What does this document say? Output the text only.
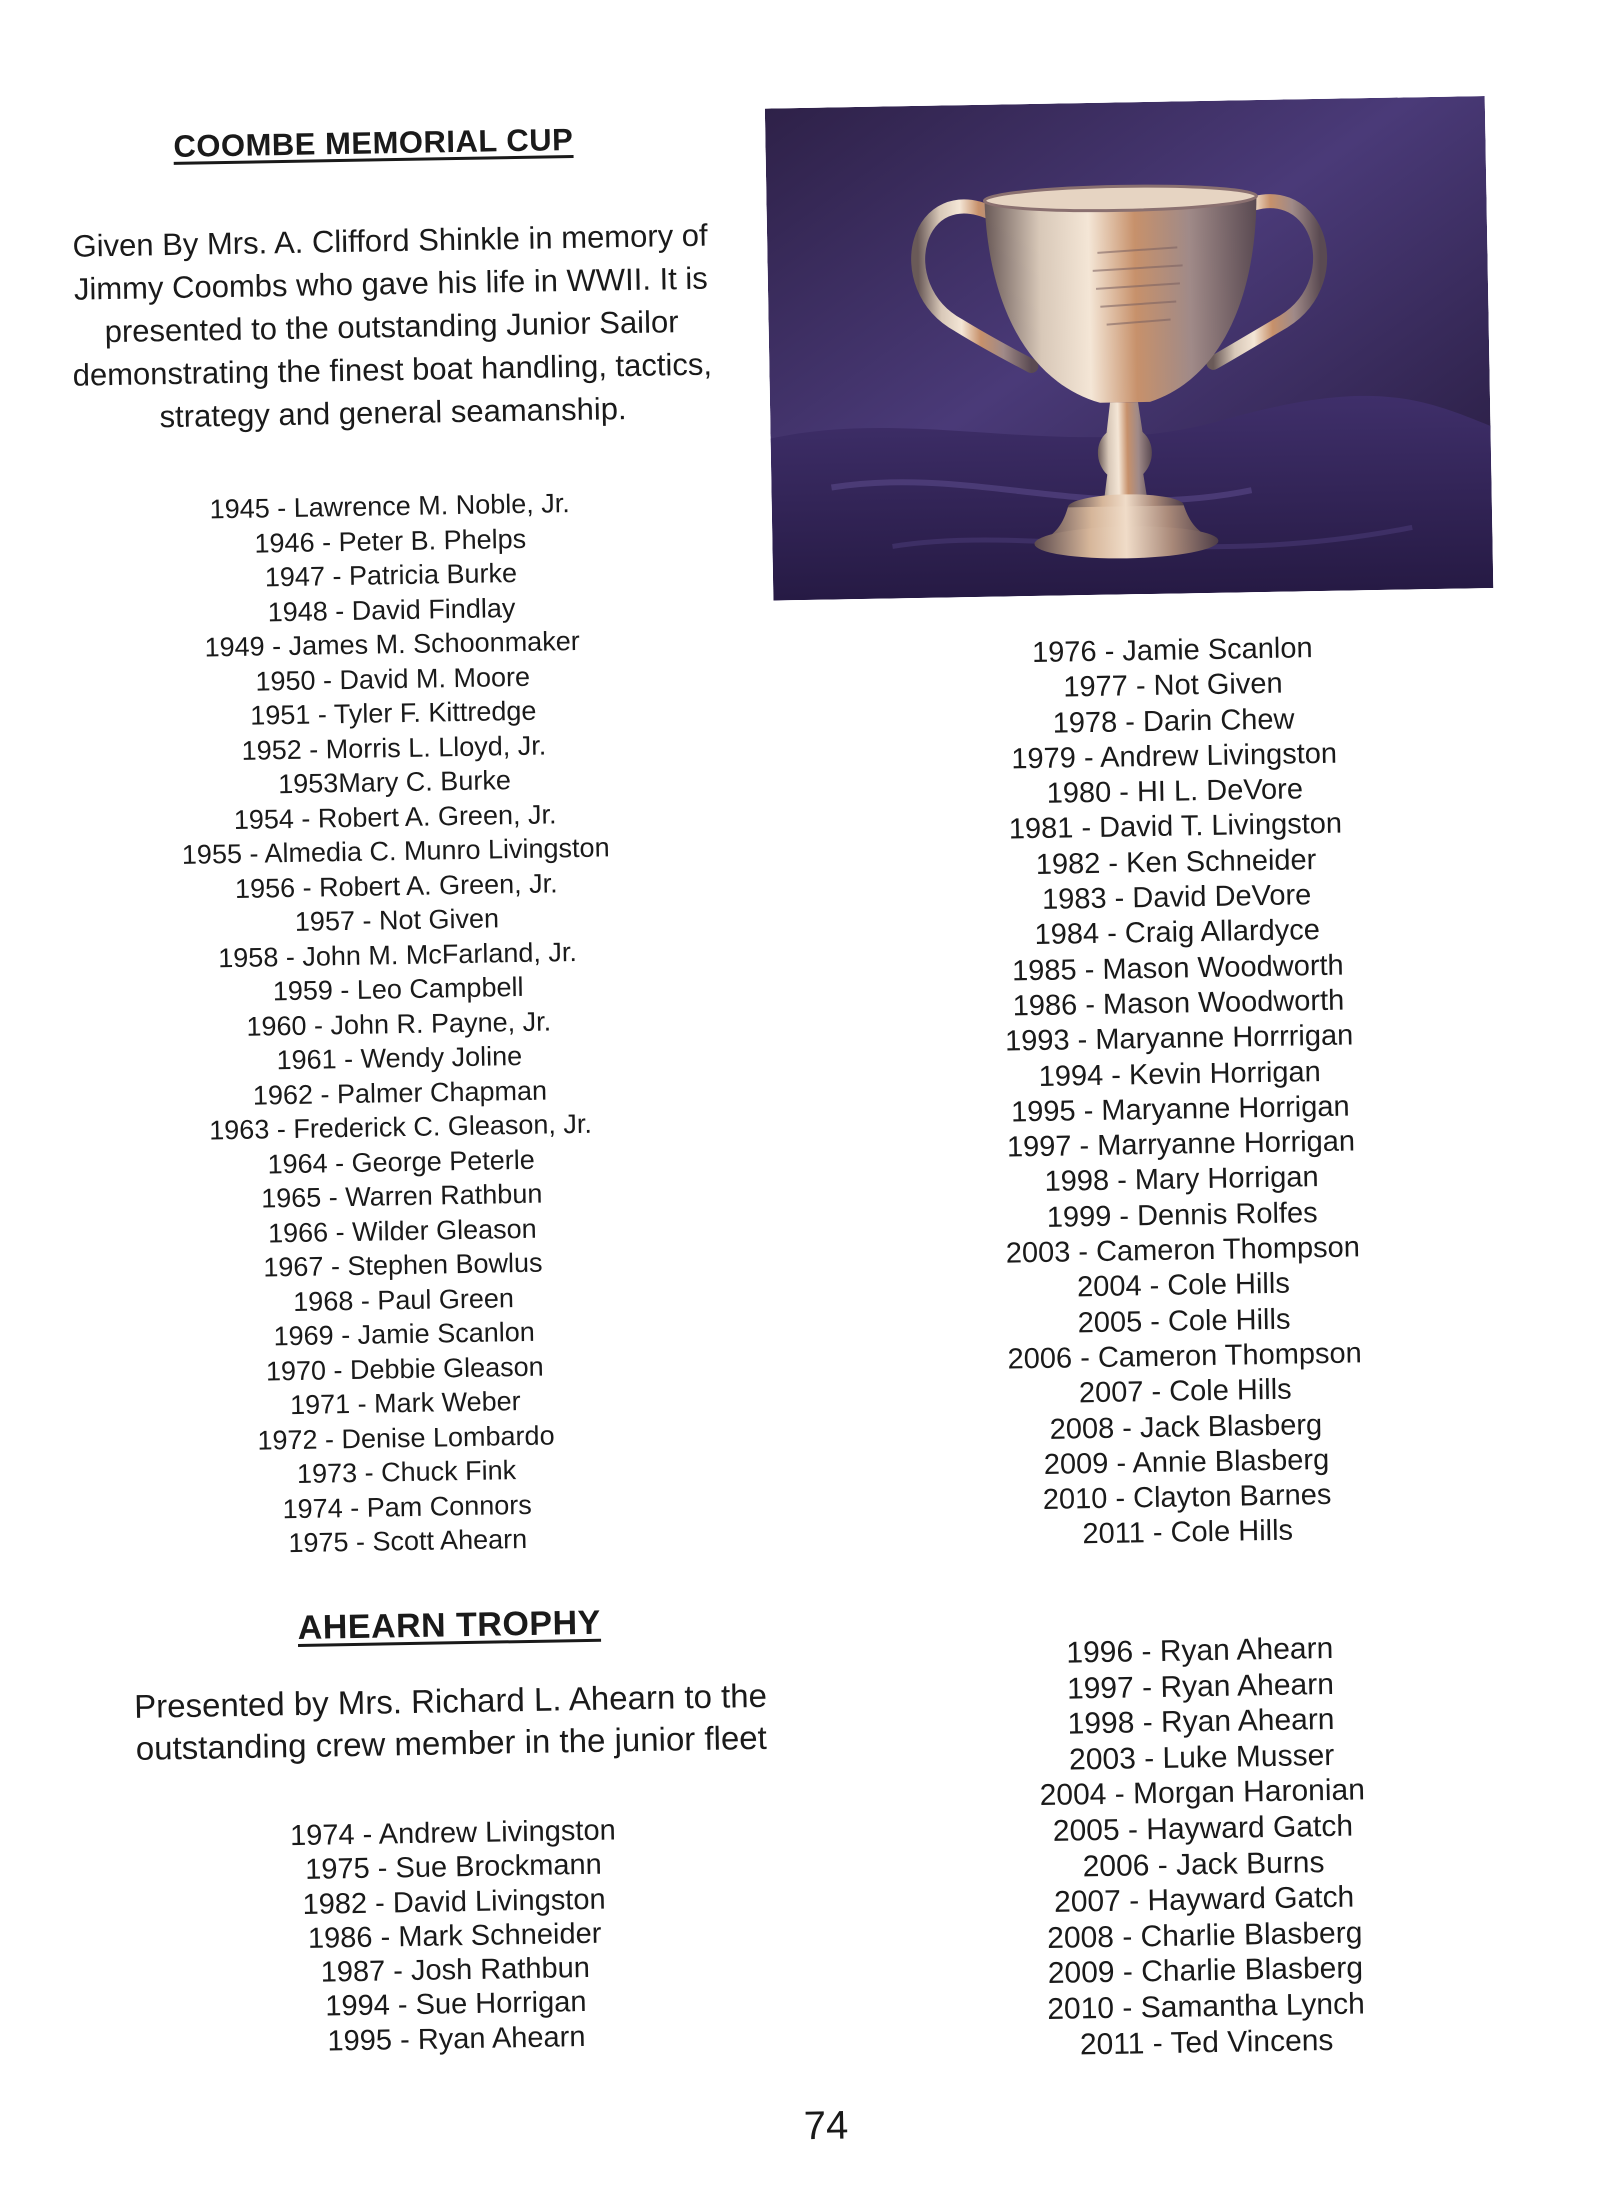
COOMBE MEMORIAL CUP
Given By Mrs. A. Clifford Shinkle in memory of Jimmy Coombs who gave his life in WWII. It is presented to the outstanding Junior Sailor demonstrating the finest boat handling, tactics, strategy and general seamanship.
1945 - Lawrence M. Noble, Jr.
1946 - Peter B. Phelps
1947 - Patricia Burke
1948 - David Findlay
1949 - James M. Schoonmaker
1950 - David M. Moore
1951 - Tyler F. Kittredge
1952 - Morris L. Lloyd, Jr.
1953Mary C. Burke
1954 - Robert A. Green, Jr.
1955 - Almedia C. Munro Livingston
1956 - Robert A. Green, Jr.
1957 - Not Given
1958 - John M. McFarland, Jr.
1959 - Leo Campbell
1960 - John R. Payne, Jr.
1961 - Wendy Joline
1962 - Palmer Chapman
1963 - Frederick C. Gleason, Jr.
1964 - George Peterle
1965 - Warren Rathbun
1966 - Wilder Gleason
1967 - Stephen Bowlus
1968 - Paul Green
1969 - Jamie Scanlon
1970 - Debbie Gleason
1971 - Mark Weber
1972 - Denise Lombardo
1973 - Chuck Fink
1974 - Pam Connors
1975 - Scott Ahearn
1976 - Jamie Scanlon
1977 - Not Given
1978 - Darin Chew
1979 - Andrew Livingston
1980 - HI L. DeVore
1981 - David T. Livingston
1982 - Ken Schneider
1983 - David DeVore
1984 - Craig Allardyce
1985 - Mason Woodworth
1986 - Mason Woodworth
1993 - Maryanne Horrrigan
1994 - Kevin Horrigan
1995 - Maryanne Horrigan
1997 - Marryanne Horrigan
1998 - Mary Horrigan
1999 - Dennis Rolfes
2003 - Cameron Thompson
2004 - Cole Hills
2005 - Cole Hills
2006 - Cameron Thompson
2007 - Cole Hills
2008 - Jack Blasberg
2009 - Annie Blasberg
2010 - Clayton Barnes
2011 - Cole Hills
AHEARN TROPHY
Presented by Mrs. Richard L. Ahearn to the outstanding crew member in the junior fleet
1974 - Andrew Livingston
1975 - Sue Brockmann
1982 - David Livingston
1986 - Mark Schneider
1987 - Josh Rathbun
1994 - Sue Horrigan
1995 - Ryan Ahearn
1996 - Ryan Ahearn
1997 - Ryan Ahearn
1998 - Ryan Ahearn
2003 - Luke Musser
2004 - Morgan Haronian
2005 - Hayward Gatch
2006 - Jack Burns
2007 - Hayward Gatch
2008 - Charlie Blasberg
2009 - Charlie Blasberg
2010 - Samantha Lynch
2011 - Ted Vincens
74
